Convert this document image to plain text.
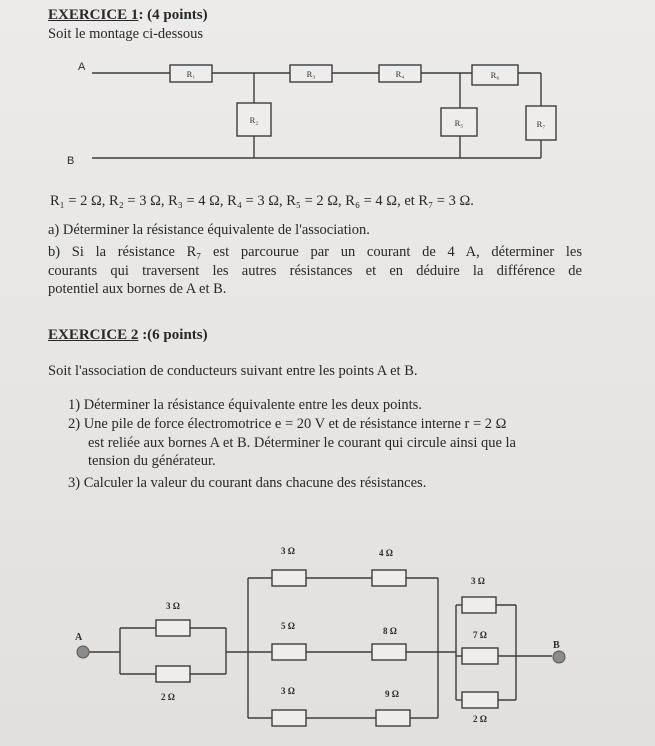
EXERCICE 1: (4 points)
Soit le montage ci-dessous
R₁	R₃	R₄	R₆
R₂	R₅	R₇
A
B
R₁ = 2 Ω, R₂ = 3 Ω, R₃ = 4 Ω, R₄ = 3 Ω, R₅ = 2 Ω, R₆ = 4 Ω, et R₇ = 3 Ω.
a) Déterminer la résistance équivalente de l'association.
b) Si la résistance R₇ est parcourue par un courant de 4 A, déterminer les
courants qui traversent les autres résistances et en déduire la différence de
potentiel aux bornes de A et B.
EXERCICE 2 :(6 points)
Soit l'association de conducteurs suivant entre les points A et B.
1) Déterminer la résistance équivalente entre les deux points.
2) Une pile de force électromotrice e = 20 V et de résistance interne r = 2 Ω
est reliée aux bornes A et B. Déterminer le courant qui circule ainsi que la
tension du générateur.
3) Calculer la valeur du courant dans chacune des résistances.
A
B
3 Ω
2 Ω
3 Ω	4 Ω
5 Ω	8 Ω
3 Ω	9 Ω
3 Ω
7 Ω
2 Ω
